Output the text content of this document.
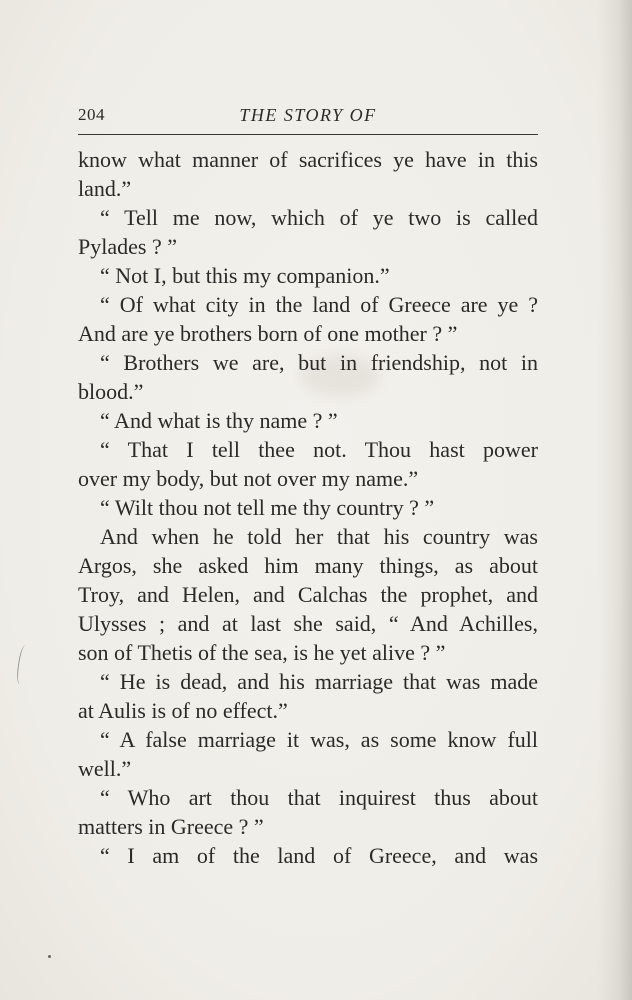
204	THE STORY OF
know what manner of sacrifices ye have in this
land.”
“ Tell me now, which of ye two is called
Pylades ? ”
“ Not I, but this my companion.”
“ Of what city in the land of Greece are ye ?
And are ye brothers born of one mother ? ”
“ Brothers we are, but in friendship, not in
blood.”
“ And what is thy name ? ”
“ That I tell thee not. Thou hast power
over my body, but not over my name.”
“ Wilt thou not tell me thy country ? ”
And when he told her that his country was
Argos, she asked him many things, as about
Troy, and Helen, and Calchas the prophet, and
Ulysses ; and at last she said, “ And Achilles,
son of Thetis of the sea, is he yet alive ? ”
“ He is dead, and his marriage that was made
at Aulis is of no effect.”
“ A false marriage it was, as some know full
well.”
“ Who art thou that inquirest thus about
matters in Greece ? ”
“ I am of the land of Greece, and was
